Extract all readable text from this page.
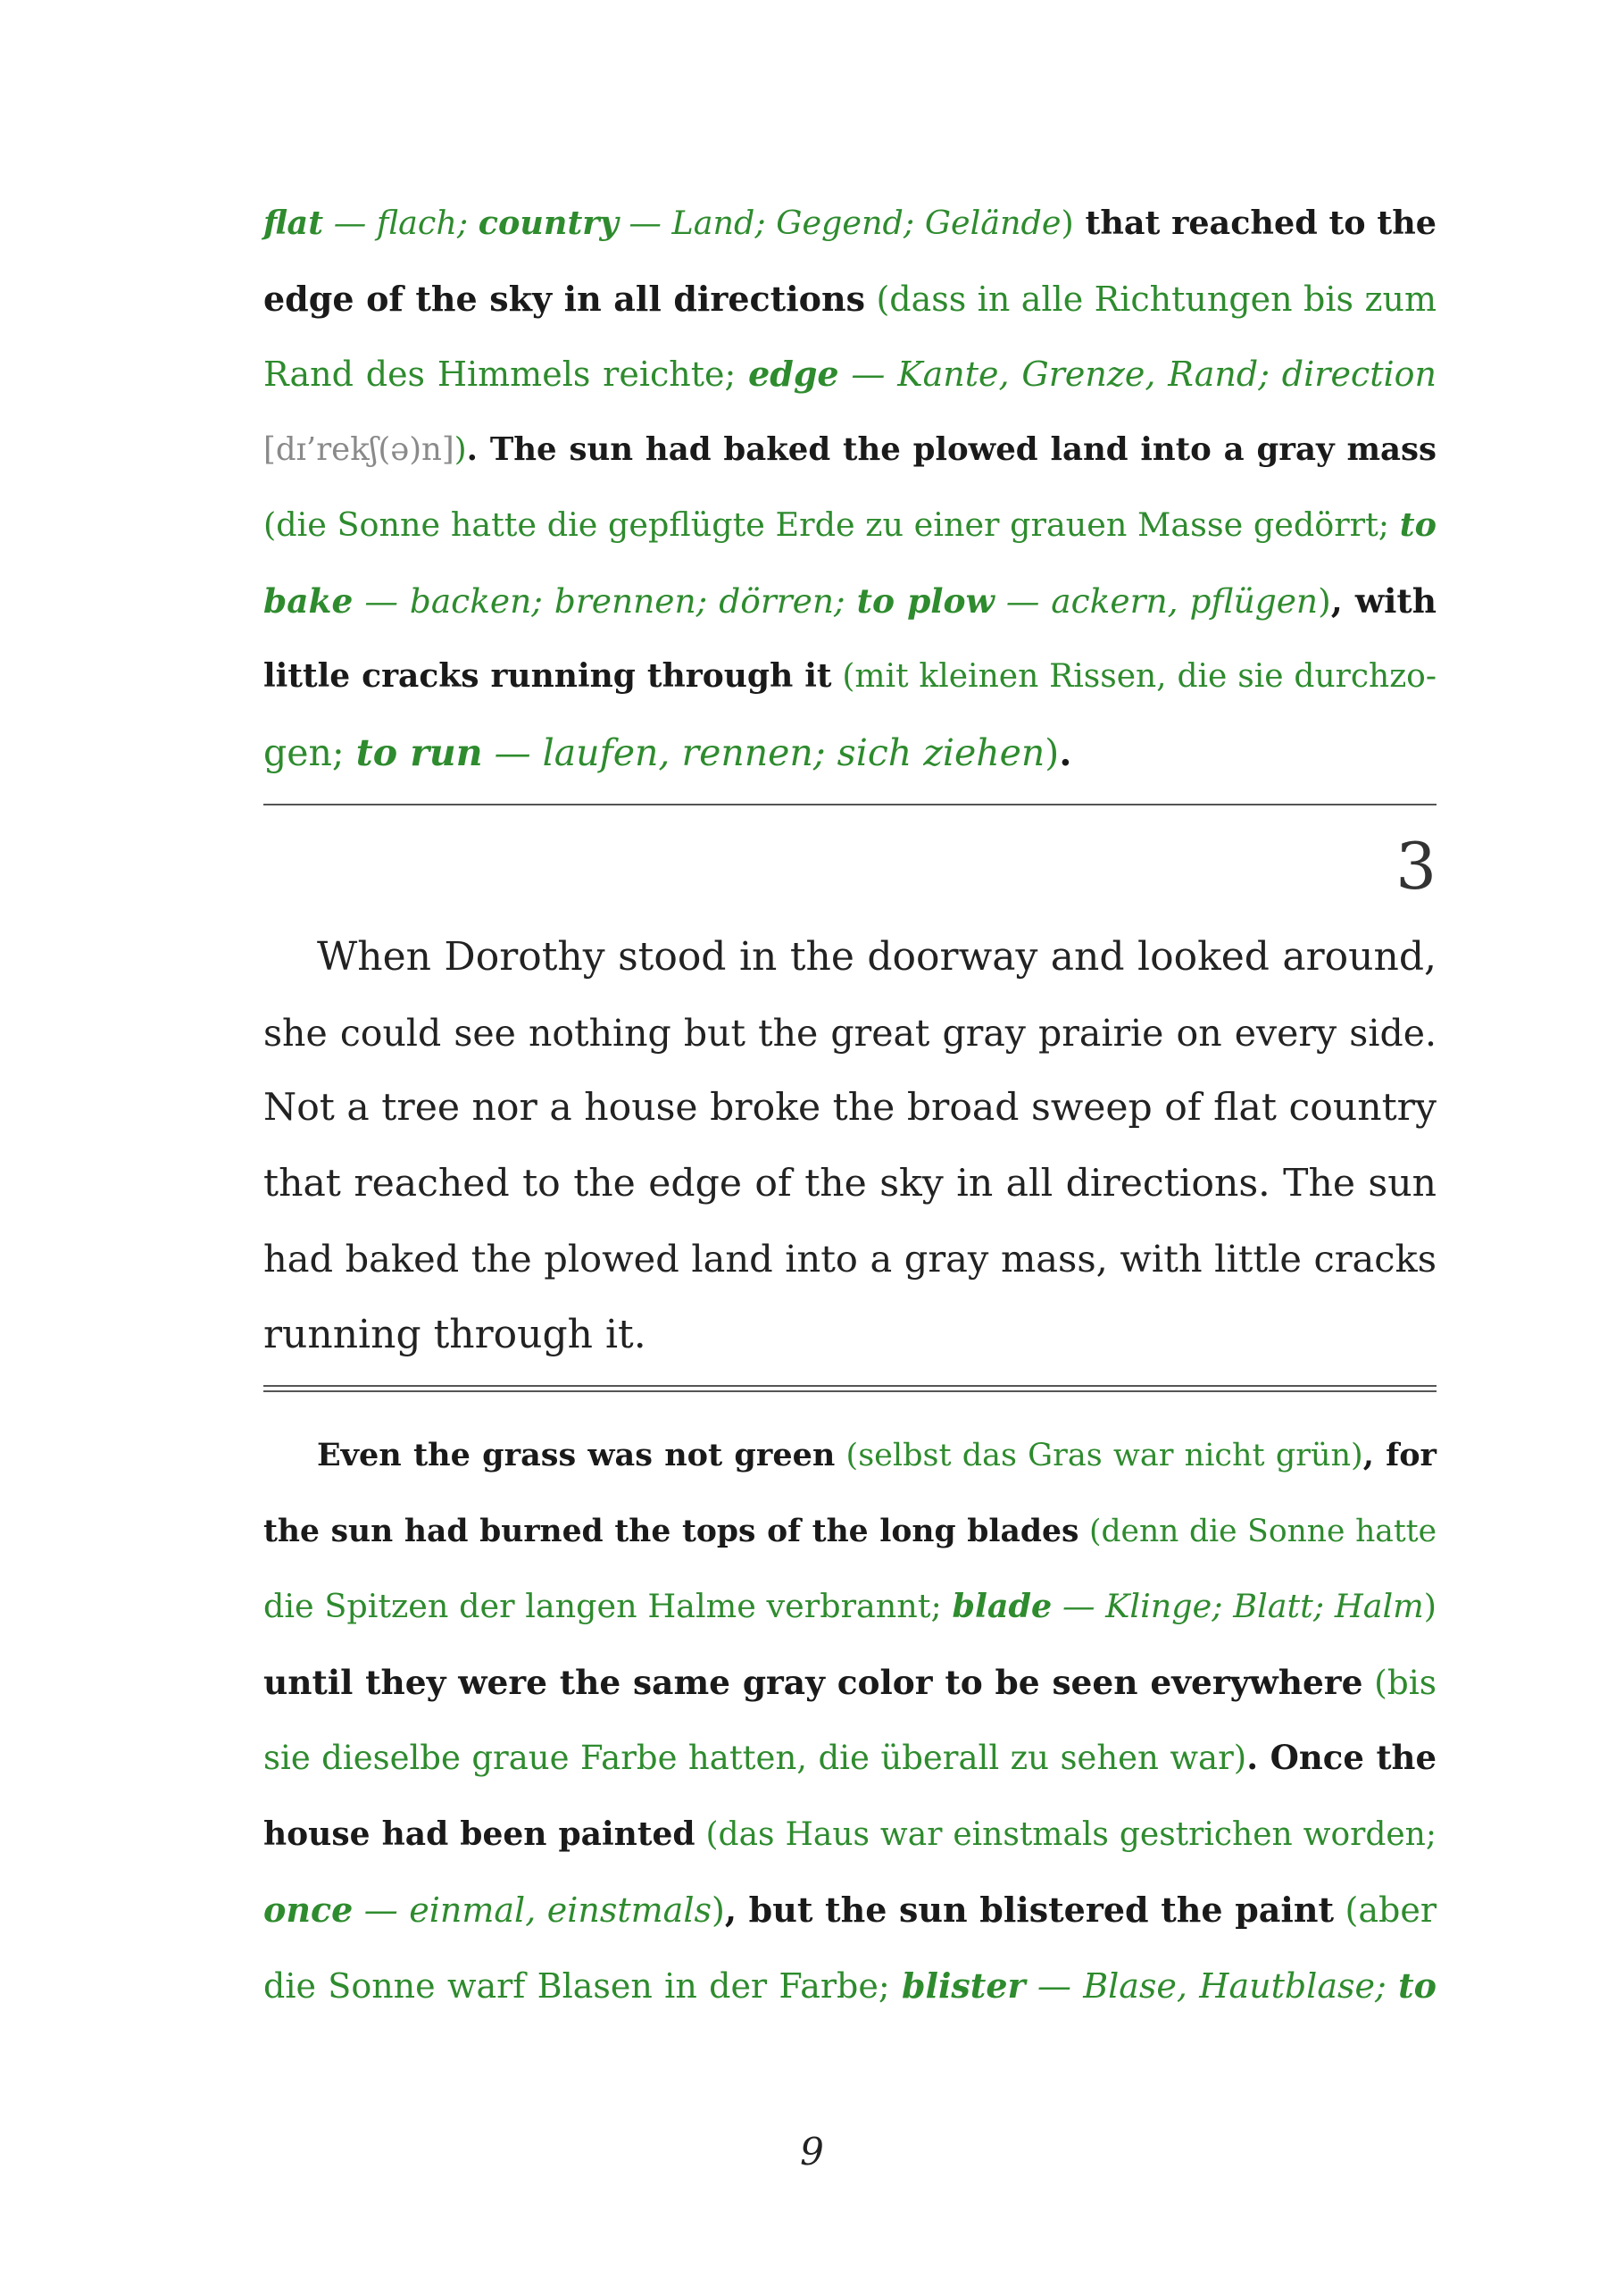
flat — flach; country — Land; Gegend; Gelände) that reached to the
edge of the sky in all directions (dass in alle Richtungen bis zum
Rand des Himmels reichte; edge — Kante, Grenze, Rand; direction
[dɪ’rekʃ(ə)n]). The sun had baked the plowed land into a gray mass
(die Sonne hatte die gepflügte Erde zu einer grauen Masse gedörrt; to
bake — backen; brennen; dörren; to plow — ackern, pflügen), with
little cracks running through it (mit kleinen Rissen, die sie durchzo-
gen; to run — laufen, rennen; sich ziehen).
3
When Dorothy stood in the doorway and looked around,
she could see nothing but the great gray prairie on every side.
Not a tree nor a house broke the broad sweep of flat country
that reached to the edge of the sky in all directions. The sun
had baked the plowed land into a gray mass, with little cracks
running through it.
Even the grass was not green (selbst das Gras war nicht grün), for
the sun had burned the tops of the long blades (denn die Sonne hatte
die Spitzen der langen Halme verbrannt; blade — Klinge; Blatt; Halm)
until they were the same gray color to be seen everywhere (bis
sie dieselbe graue Farbe hatten, die überall zu sehen war). Once the
house had been painted (das Haus war einstmals gestrichen worden;
once — einmal, einstmals), but the sun blistered the paint (aber
die Sonne warf Blasen in der Farbe; blister — Blase, Hautblase; to
9
